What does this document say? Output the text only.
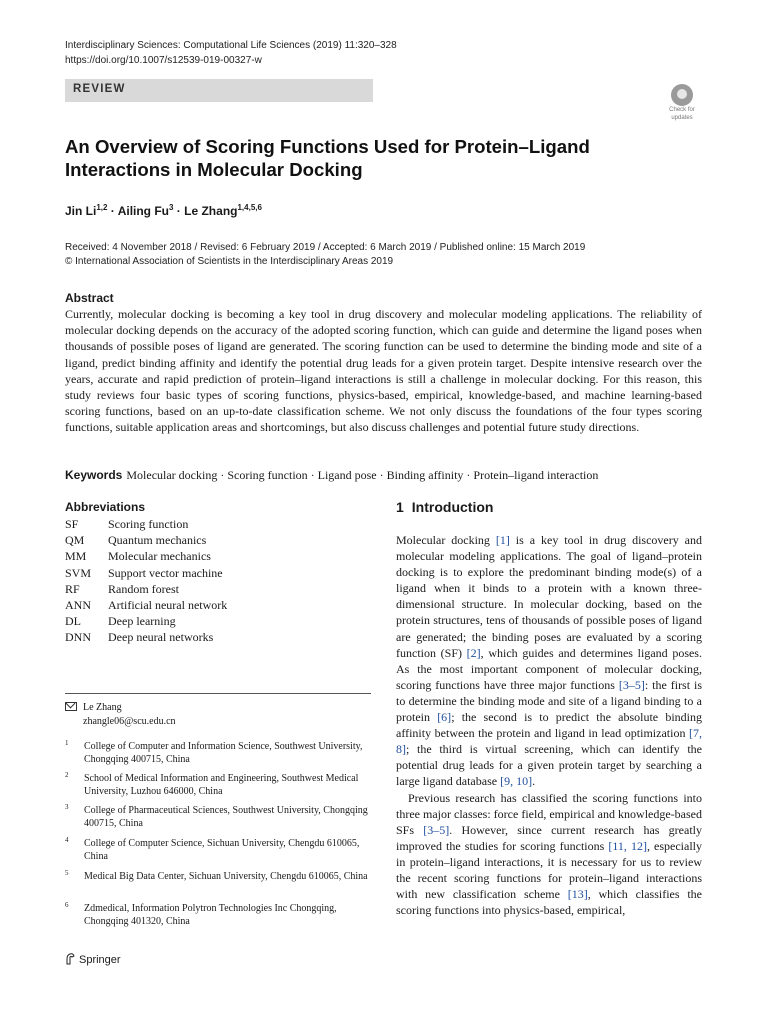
Interdisciplinary Sciences: Computational Life Sciences (2019) 11:320–328
https://doi.org/10.1007/s12539-019-00327-w
REVIEW
Check for
updates
An Overview of Scoring Functions Used for Protein–Ligand Interactions in Molecular Docking
Jin Li$^{1,2}$ · Ailing $Fu^3 \cdot Le$ Zhang$^{1,4,5,6}$
Received: 4 November 2018 / Revised: 6 February 2019 / Accepted: 6 March 2019 / Published online: 15 March 2019
© International Association of Scientists in the Interdisciplinary Areas 2019
Abstract

Currently, molecular docking is becoming a key tool in drug discovery and molecular modeling applications. The reliability of molecular docking depends on the accuracy of the adopted scoring function, which can guide and determine the ligand poses when thousands of possible poses of ligand are generated. The scoring function can be used to determine the binding mode and site of a ligand, predict binding affinity and identify the potential drug leads for a given protein target. Despite intensive research over the years, accurate and rapid prediction of protein–ligand interactions is still a challenge in molecular docking. For this reason, this study reviews four basic types of scoring functions, physics-based, empirical, knowledge-based, and machine learning-based scoring functions, based on an up-to-date classification scheme. We not only discuss the foundations of the four types scoring functions, suitable application areas and shortcomings, but also discuss challenges and potential future study directions.

Keywords Molecular docking · Scoring function · Ligand pose · Binding affinity · Protein–ligand interaction
Abbreviations
SF Scoring function
QM Quantum mechanics
MM Molecular mechanics
SVM Support vector machine
RF Random forest
ANN Artificial neural network
DL Deep learning
DNN Deep neural networks
Le Zhang
zhangle06@scu.edu.cn
1 College of Computer and Information Science, Southwest University, Chongqing 400715, China
2 School of Medical Information and Engineering, Southwest Medical University, Luzhou 646000, China
3 College of Pharmaceutical Sciences, Southwest University, Chongqing 400715, China
4 College of Computer Science, Sichuan University, Chengdu 610065, China
5 Medical Big Data Center, Sichuan University, Chengdu 610065, China
6 Zdmedical, Information Polytron Technologies Inc Chongqing, Chongqing 401320, China
Springer
1 Introduction

Molecular docking [1] is a key tool in drug discovery and molecular modeling applications. The goal of ligand–protein docking is to explore the predominant binding mode(s) of a ligand when it binds to a protein with a known three-dimensional structure. In molecular docking, based on the protein structures, tens of thousands of possible poses of ligand are generated; the binding poses are evaluated by a scoring function (SF) [2], which guides and determines ligand poses. As the most important component of molecular docking, scoring functions have three major functions [3–5]: the first is to determine the binding mode and site of a ligand binding to a protein [6]; the second is to predict the absolute binding affinity between the protein and ligand in lead optimization [7, 8]; the third is virtual screening, which can identify the potential drug leads for a given protein target by searching a large ligand database [9, 10].

Previous research has classified the scoring functions into three major classes: force field, empirical and knowledge-based SFs [3–5]. However, since current research has greatly improved the studies for scoring functions [11, 12], especially in protein–ligand interactions, it is necessary for us to review the recent scoring functions for protein–ligand interactions with new classification scheme [13], which classifies the scoring functions into physics-based, empirical,
